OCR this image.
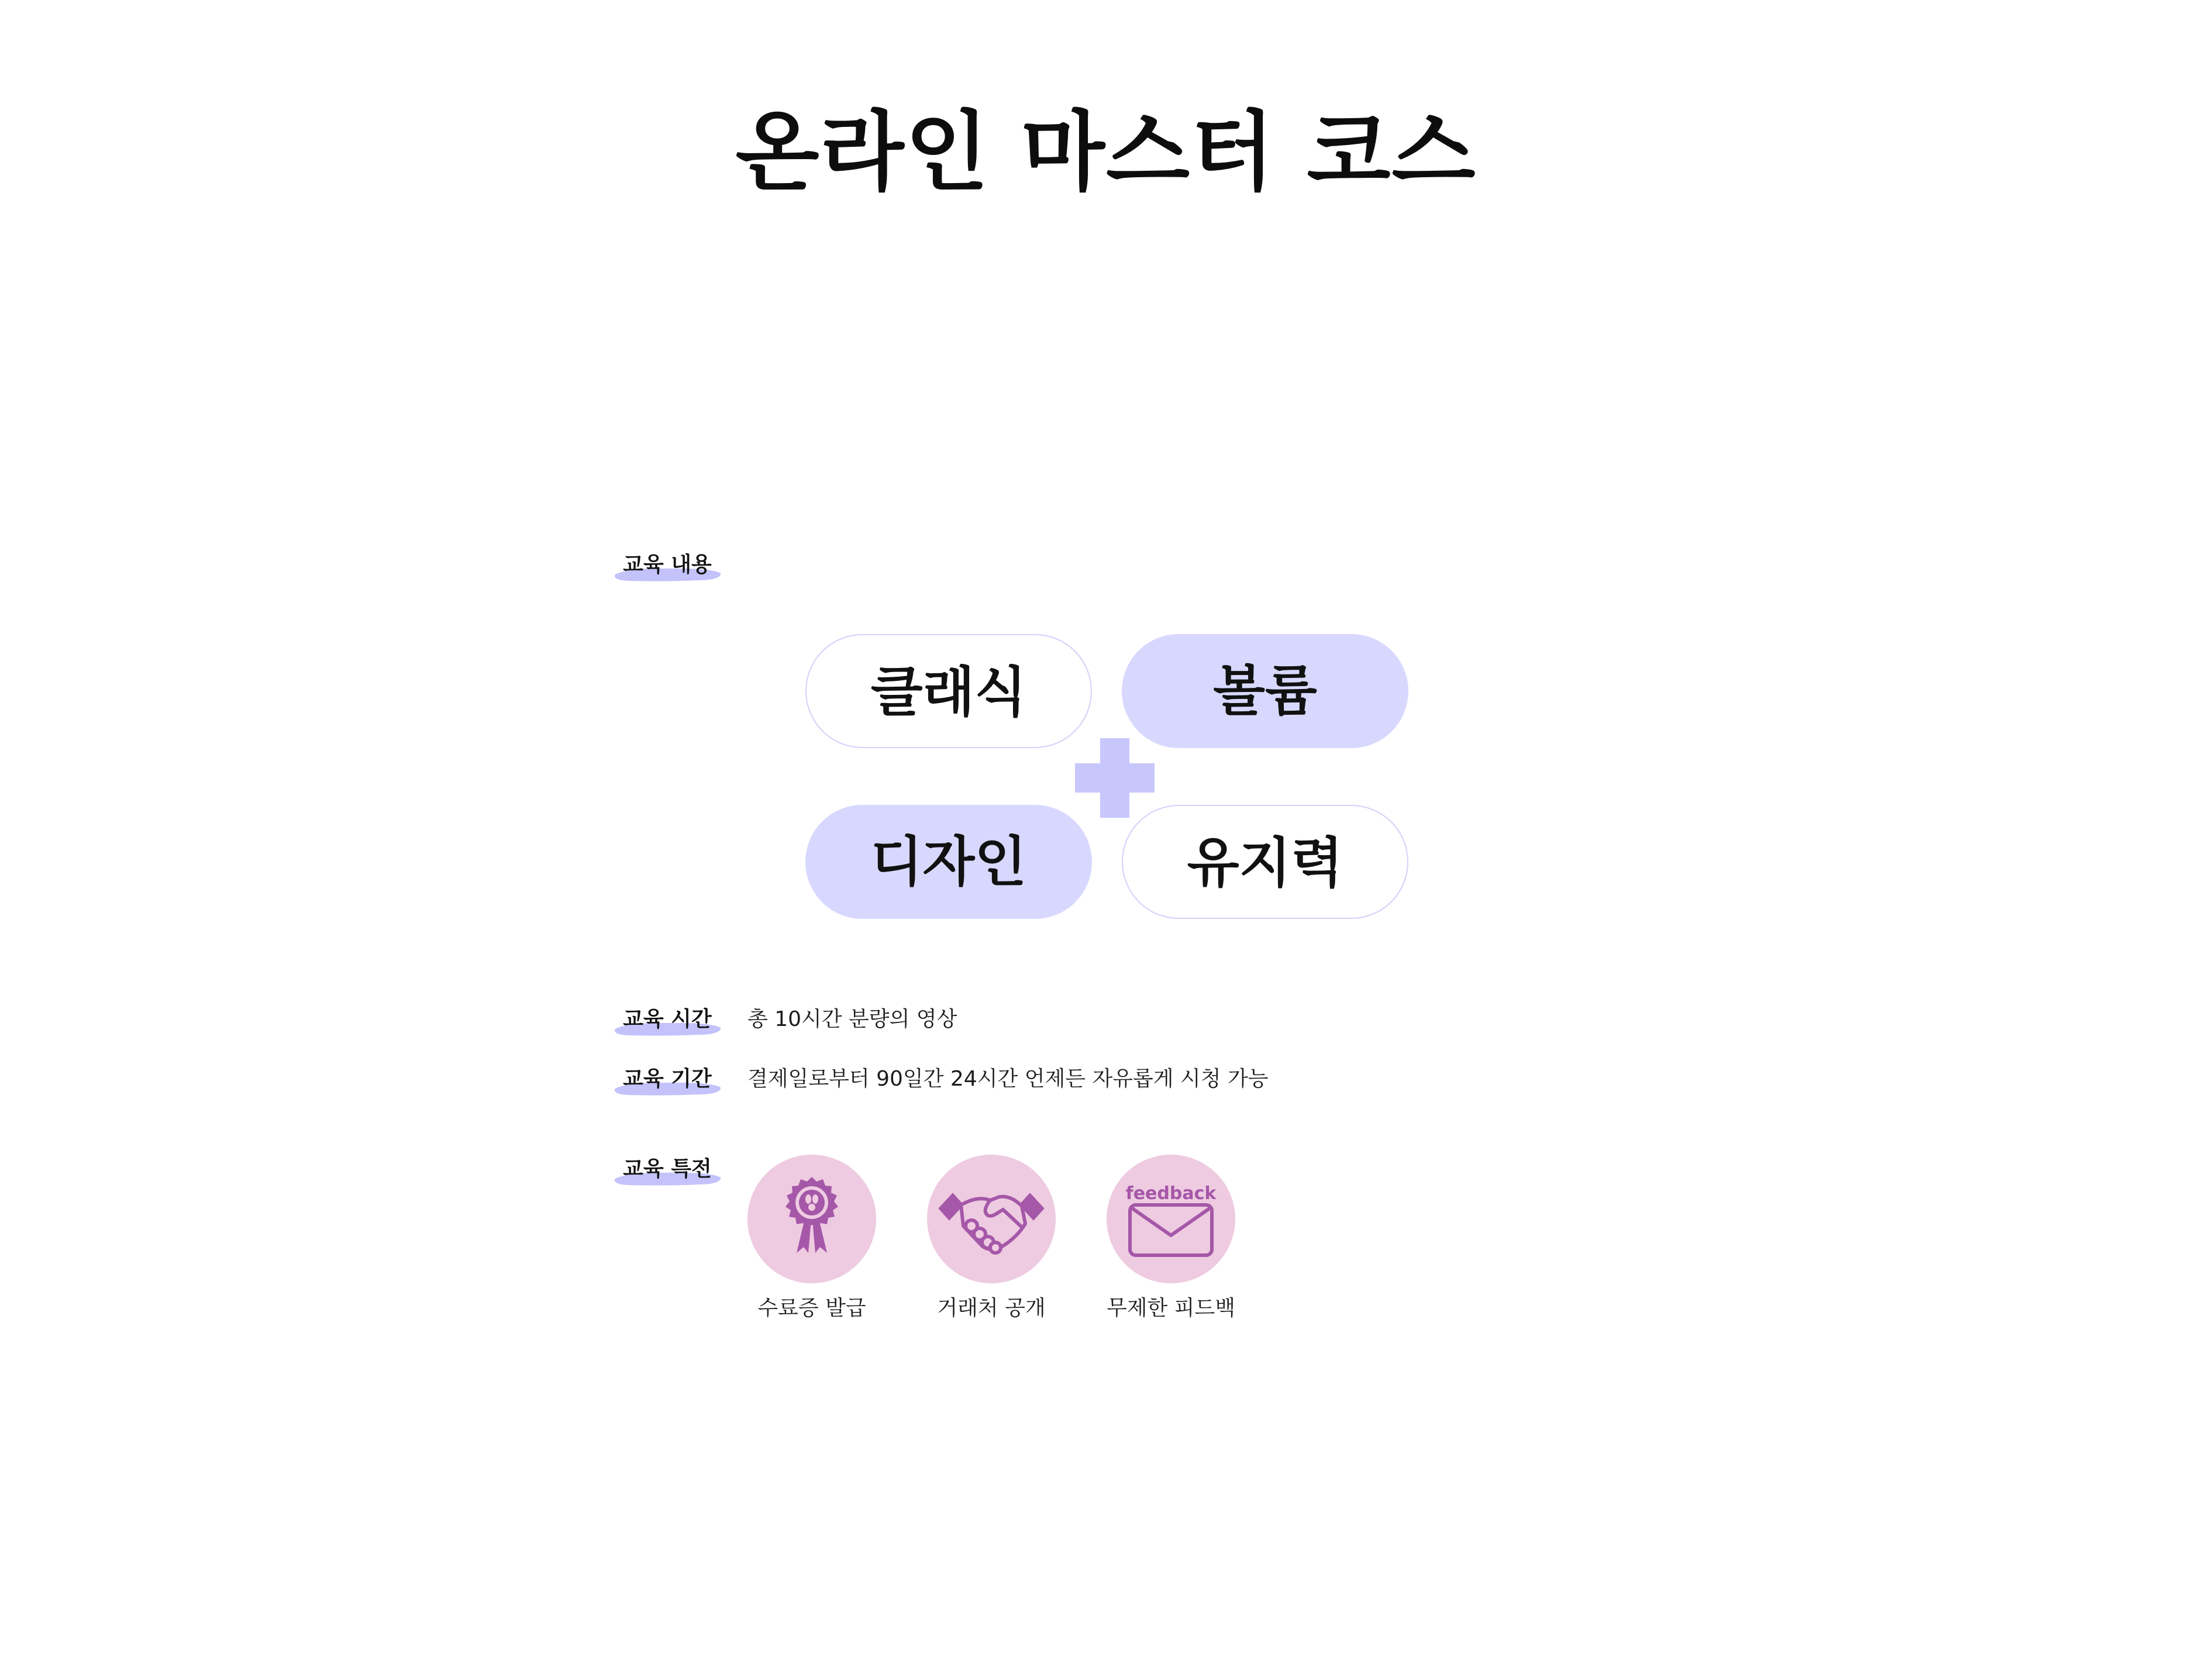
온라인 마스터 코스
교육 내용
클래식	볼륨
디자인	유지력
교육 시간	총 10시간 분량의 영상
교육 기간	결제일로부터 90일간 24시간 언제든 자유롭게 시청 가능
교육 특전
수료증 발급	거래처 공개
feedback
무제한 피드백
